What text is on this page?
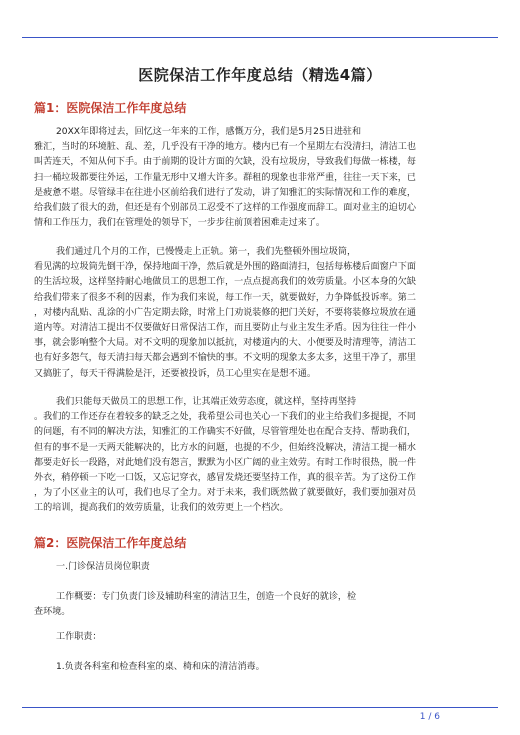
医院保洁工作年度总结（精选4篇）
篇1：医院保洁工作年度总结
20XX年即将过去，回忆这一年来的工作，感慨万分，我们是5月25日进驻和
雅汇，当时的环境脏、乱、差，几乎没有干净的地方。楼内已有一个星期左右没清扫，清洁工也
叫苦连天，不知从何下手。由于前期的设计方面的欠缺，没有垃圾房，导致我们每做一栋楼，每
扫一桶垃圾都要往外运，工作量无形中又增大许多。群租的现象也非常严重，往往一天下来，已
是疲惫不堪。尽管绿丰在往进小区前给我们进行了发动，讲了知雅汇的实际情况和工作的难度，
给我们鼓了很大的劲，但还是有个别部员工忍受不了这样的工作强度而辞工。面对业主的迫切心
情和工作压力，我们在管理处的领导下，一步步往前顶着困难走过来了。
我们通过几个月的工作，已慢慢走上正轨。第一，我们先整顿外围垃圾筒，
看见满的垃圾筒先倒干净，保持地面干净，然后就是外围的路面清扫，包括每栋楼后面窗户下面
的生活垃圾，这样坚持耐心地做员工的思想工作，一点点提高我们的效劳质量。小区本身的欠缺
给我们带来了很多不利的因素，作为我们来说，每工作一天，就要做好，力争降低投诉率。第二
，对楼内乱贴、乱涂的小广告定期去除，时常上门劝说装修的把门关好，不要将装修垃圾放在通
道内等。对清洁工提出不仅要做好日常保洁工作，而且要防止与业主发生矛盾。因为往往一件小
事，就会影响整个大局。对不文明的现象加以抵抗，对楼道内的大、小便要及时清理等，清洁工
也有好多怨气，每天清扫每天都会遇到不愉快的事。不文明的现象太多太多，这里干净了，那里
又搞脏了，每天干得满脸是汗，还要被投诉，员工心里实在是想不通。
我们只能每天做员工的思想工作，让其端正效劳态度，就这样，坚持再坚持
。我们的工作还存在着较多的缺乏之处，我希望公司也关心一下我们的业主给我们多提提，不同
的问题，有不同的解决方法，知雅汇的工作确实不好做，尽管管理处也在配合支持、帮助我们，
但有的事不是一天两天能解决的，比方水的问题，也提的不少，但始终没解决，清洁工提一桶水
都要走好长一段路，对此她们没有怨言，默默为小区广阔的业主效劳。有时工作时很热，脱一件
外衣，稍停顿一下吃一口饭，又忘记穿衣，感冒发烧还要坚持工作，真的很辛苦。为了这份工作
，为了小区业主的认可，我们也尽了全力。对于未来，我们既然做了就要做好，我们要加强对员
工的培训，提高我们的效劳质量，让我们的效劳更上一个档次。
篇2：医院保洁工作年度总结
一.门诊保洁员岗位职责
工作概要：专门负责门诊及辅助科室的清洁卫生，创造一个良好的就诊，检
查环境。
工作职责：
1.负责各科室和检查科室的桌、椅和床的清洁消毒。
1 / 6
